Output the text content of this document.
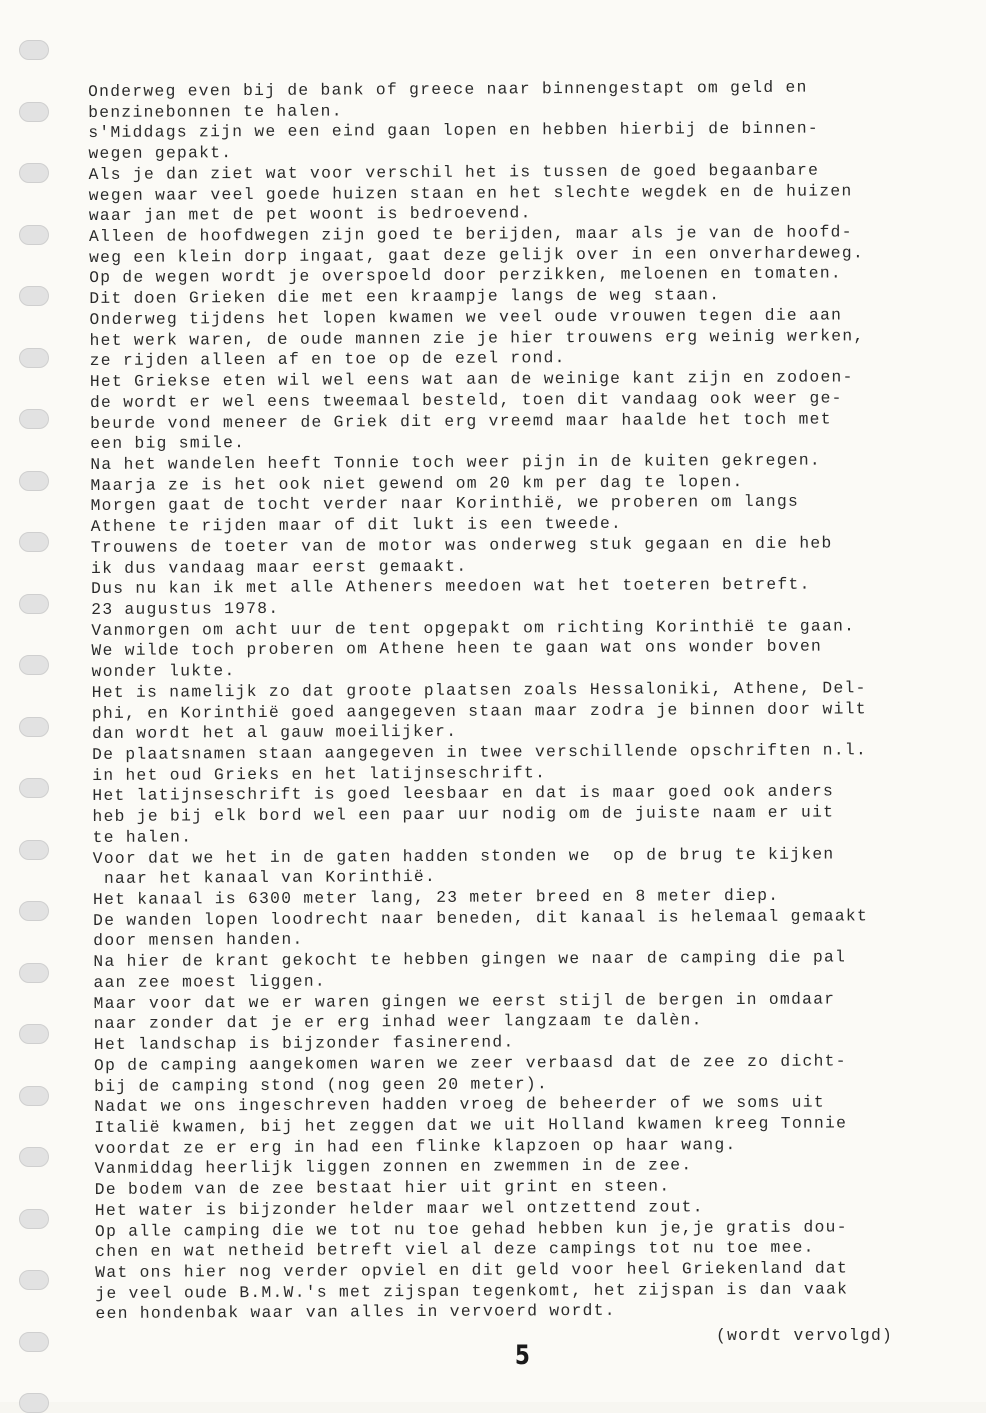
Onderweg even bij de bank of greece naar binnengestapt om geld en
benzinebonnen te halen.
s'Middags zijn we een eind gaan lopen en hebben hierbij de binnen-
wegen gepakt.
Als je dan ziet wat voor verschil het is tussen de goed begaanbare
wegen waar veel goede huizen staan en het slechte wegdek en de huizen
waar jan met de pet woont is bedroevend.
Alleen de hoofdwegen zijn goed te berijden, maar als je van de hoofd-
weg een klein dorp ingaat, gaat deze gelijk over in een onverhardeweg.
Op de wegen wordt je overspoeld door perzikken, meloenen en tomaten.
Dit doen Grieken die met een kraampje langs de weg staan.
Onderweg tijdens het lopen kwamen we veel oude vrouwen tegen die aan
het werk waren, de oude mannen zie je hier trouwens erg weinig werken,
ze rijden alleen af en toe op de ezel rond.
Het Griekse eten wil wel eens wat aan de weinige kant zijn en zodoen-
de wordt er wel eens tweemaal besteld, toen dit vandaag ook weer ge-
beurde vond meneer de Griek dit erg vreemd maar haalde het toch met
een big smile.
Na het wandelen heeft Tonnie toch weer pijn in de kuiten gekregen.
Maarja ze is het ook niet gewend om 20 km per dag te lopen.
Morgen gaat de tocht verder naar Korinthië, we proberen om langs
Athene te rijden maar of dit lukt is een tweede.
Trouwens de toeter van de motor was onderweg stuk gegaan en die heb
ik dus vandaag maar eerst gemaakt.
Dus nu kan ik met alle Atheners meedoen wat het toeteren betreft.
23 augustus 1978.
Vanmorgen om acht uur de tent opgepakt om richting Korinthië te gaan.
We wilde toch proberen om Athene heen te gaan wat ons wonder boven
wonder lukte.
Het is namelijk zo dat groote plaatsen zoals Hessaloniki, Athene, Del-
phi, en Korinthië goed aangegeven staan maar zodra je binnen door wilt
dan wordt het al gauw moeilijker.
De plaatsnamen staan aangegeven in twee verschillende opschriften n.l.
in het oud Grieks en het latijnseschrift.
Het latijnseschrift is goed leesbaar en dat is maar goed ook anders
heb je bij elk bord wel een paar uur nodig om de juiste naam er uit
te halen.
Voor dat we het in de gaten hadden stonden we  op de brug te kijken
naar het kanaal van Korinthië.
Het kanaal is 6300 meter lang, 23 meter breed en 8 meter diep.
De wanden lopen loodrecht naar beneden, dit kanaal is helemaal gemaakt
door mensen handen.
Na hier de krant gekocht te hebben gingen we naar de camping die pal
aan zee moest liggen.
Maar voor dat we er waren gingen we eerst stijl de bergen in omdaar
naar zonder dat je er erg inhad weer langzaam te dalèn.
Het landschap is bijzonder fasinerend.
Op de camping aangekomen waren we zeer verbaasd dat de zee zo dicht-
bij de camping stond (nog geen 20 meter).
Nadat we ons ingeschreven hadden vroeg de beheerder of we soms uit
Italië kwamen, bij het zeggen dat we uit Holland kwamen kreeg Tonnie
voordat ze er erg in had een flinke klapzoen op haar wang.
Vanmiddag heerlijk liggen zonnen en zwemmen in de zee.
De bodem van de zee bestaat hier uit grint en steen.
Het water is bijzonder helder maar wel ontzettend zout.
Op alle camping die we tot nu toe gehad hebben kun je,je gratis dou-
chen en wat netheid betreft viel al deze campings tot nu toe mee.
Wat ons hier nog verder opviel en dit geld voor heel Griekenland dat
je veel oude B.M.W.'s met zijspan tegenkomt, het zijspan is dan vaak
een hondenbak waar van alles in vervoerd wordt.
(wordt vervolgd)
5
